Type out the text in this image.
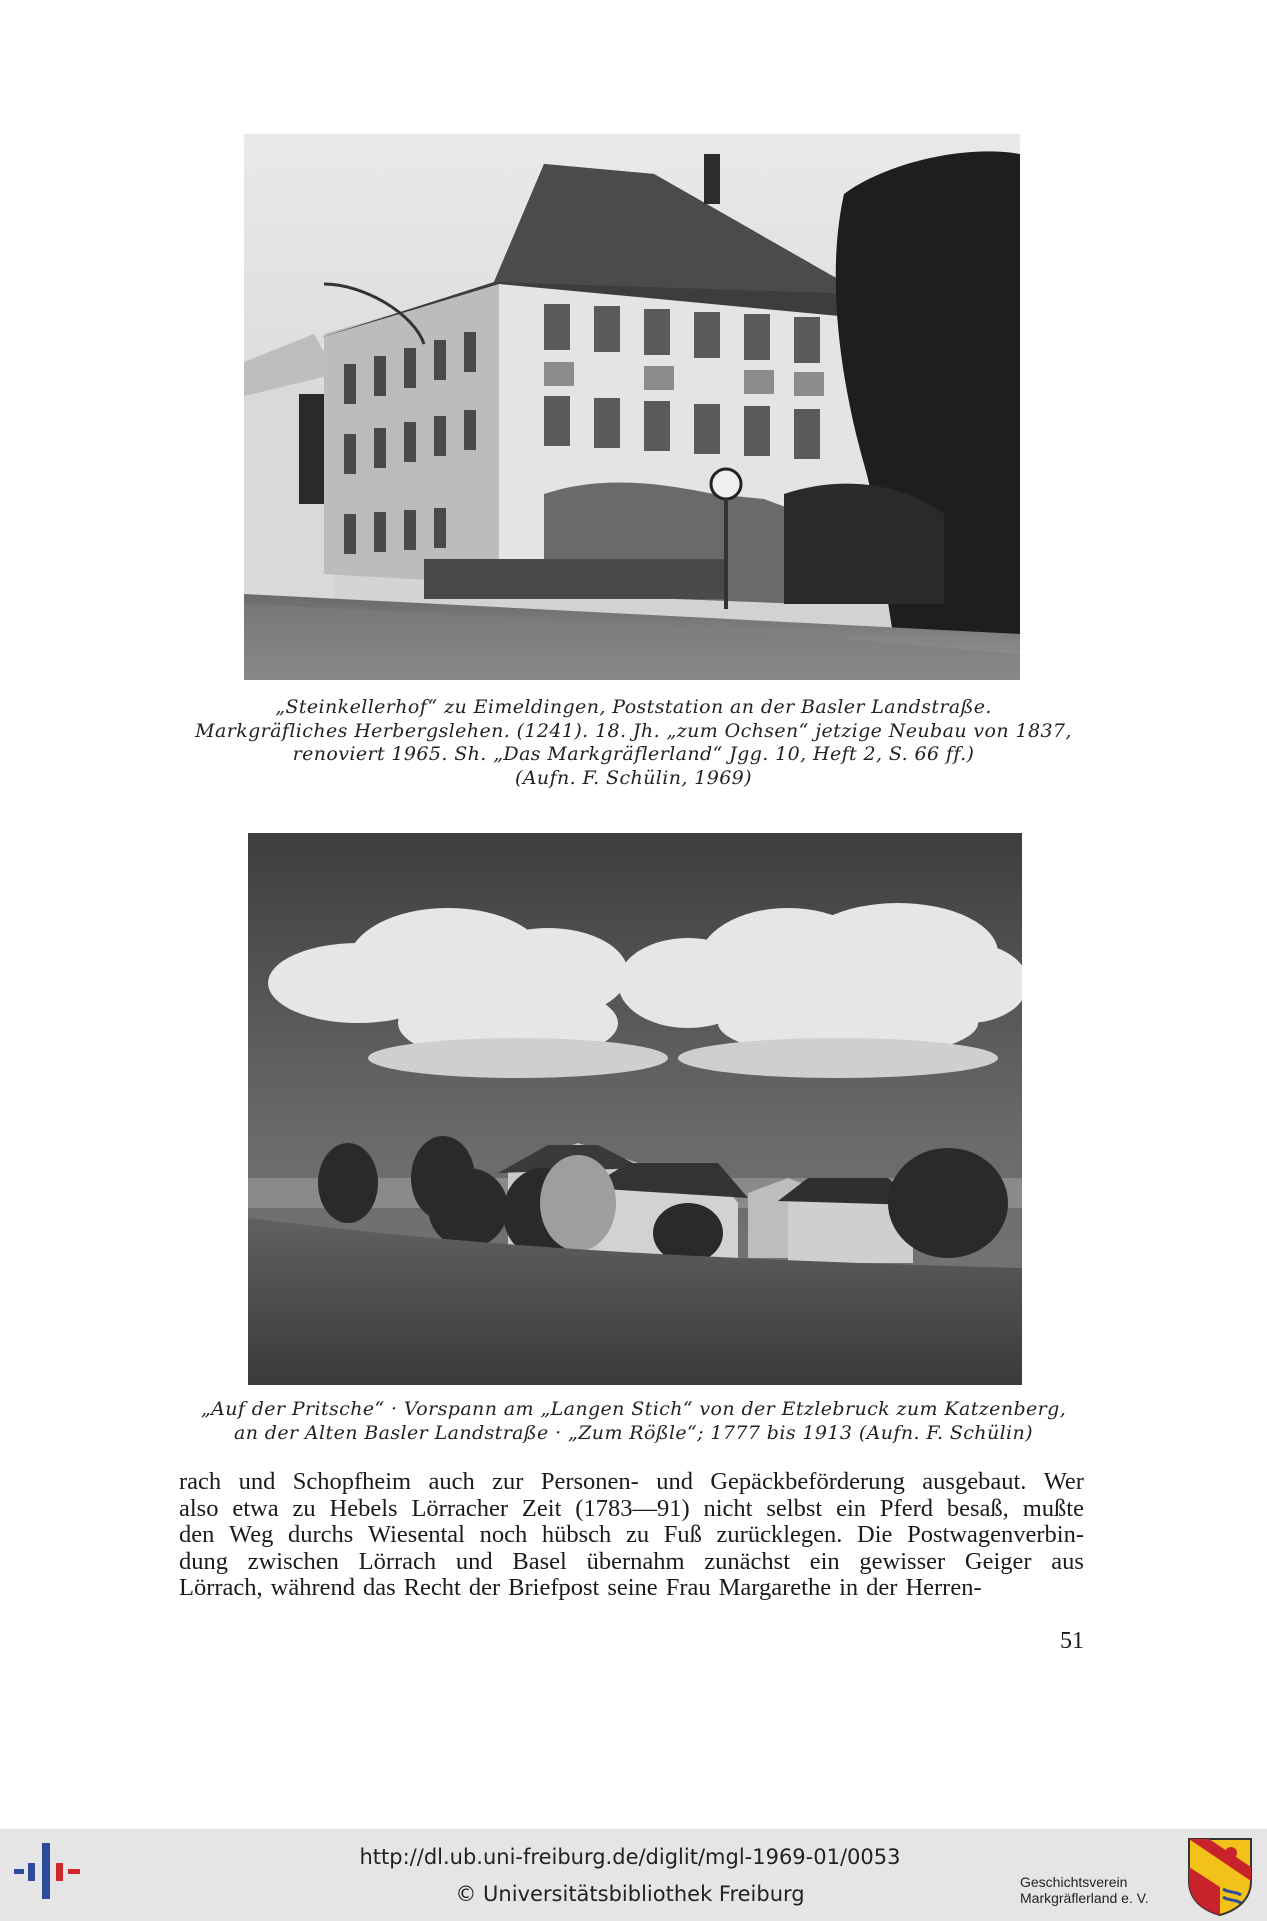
„Steinkellerhof“ zu Eimeldingen, Poststation an der Basler Landstraße.
Markgräfliches Herbergslehen. (1241). 18. Jh. „zum Ochsen“ jetzige Neubau von 1837,
renoviert 1965. Sh. „Das Markgräflerland“ Jgg. 10, Heft 2, S. 66 ff.)
(Aufn. F. Schülin, 1969)
„Auf der Pritsche“ · Vorspann am „Langen Stich“ von der Etzlebruck zum Katzenberg,
an der Alten Basler Landstraße · „Zum Rößle“; 1777 bis 1913 (Aufn. F. Schülin)
rach und Schopfheim auch zur Personen- und Gepäckbeförderung ausgebaut. Wer
also etwa zu Hebels Lörracher Zeit (1783—91) nicht selbst ein Pferd besaß, mußte
den Weg durchs Wiesental noch hübsch zu Fuß zurücklegen. Die Postwagenverbin-
dung zwischen Lörrach und Basel übernahm zunächst ein gewisser Geiger aus
Lörrach, während das Recht der Briefpost seine Frau Margarethe in der Herren-
51
http://dl.ub.uni-freiburg.de/diglit/mgl-1969-01/0053
© Universitätsbibliothek Freiburg	Geschichtsverein
Markgräflerland e. V.
